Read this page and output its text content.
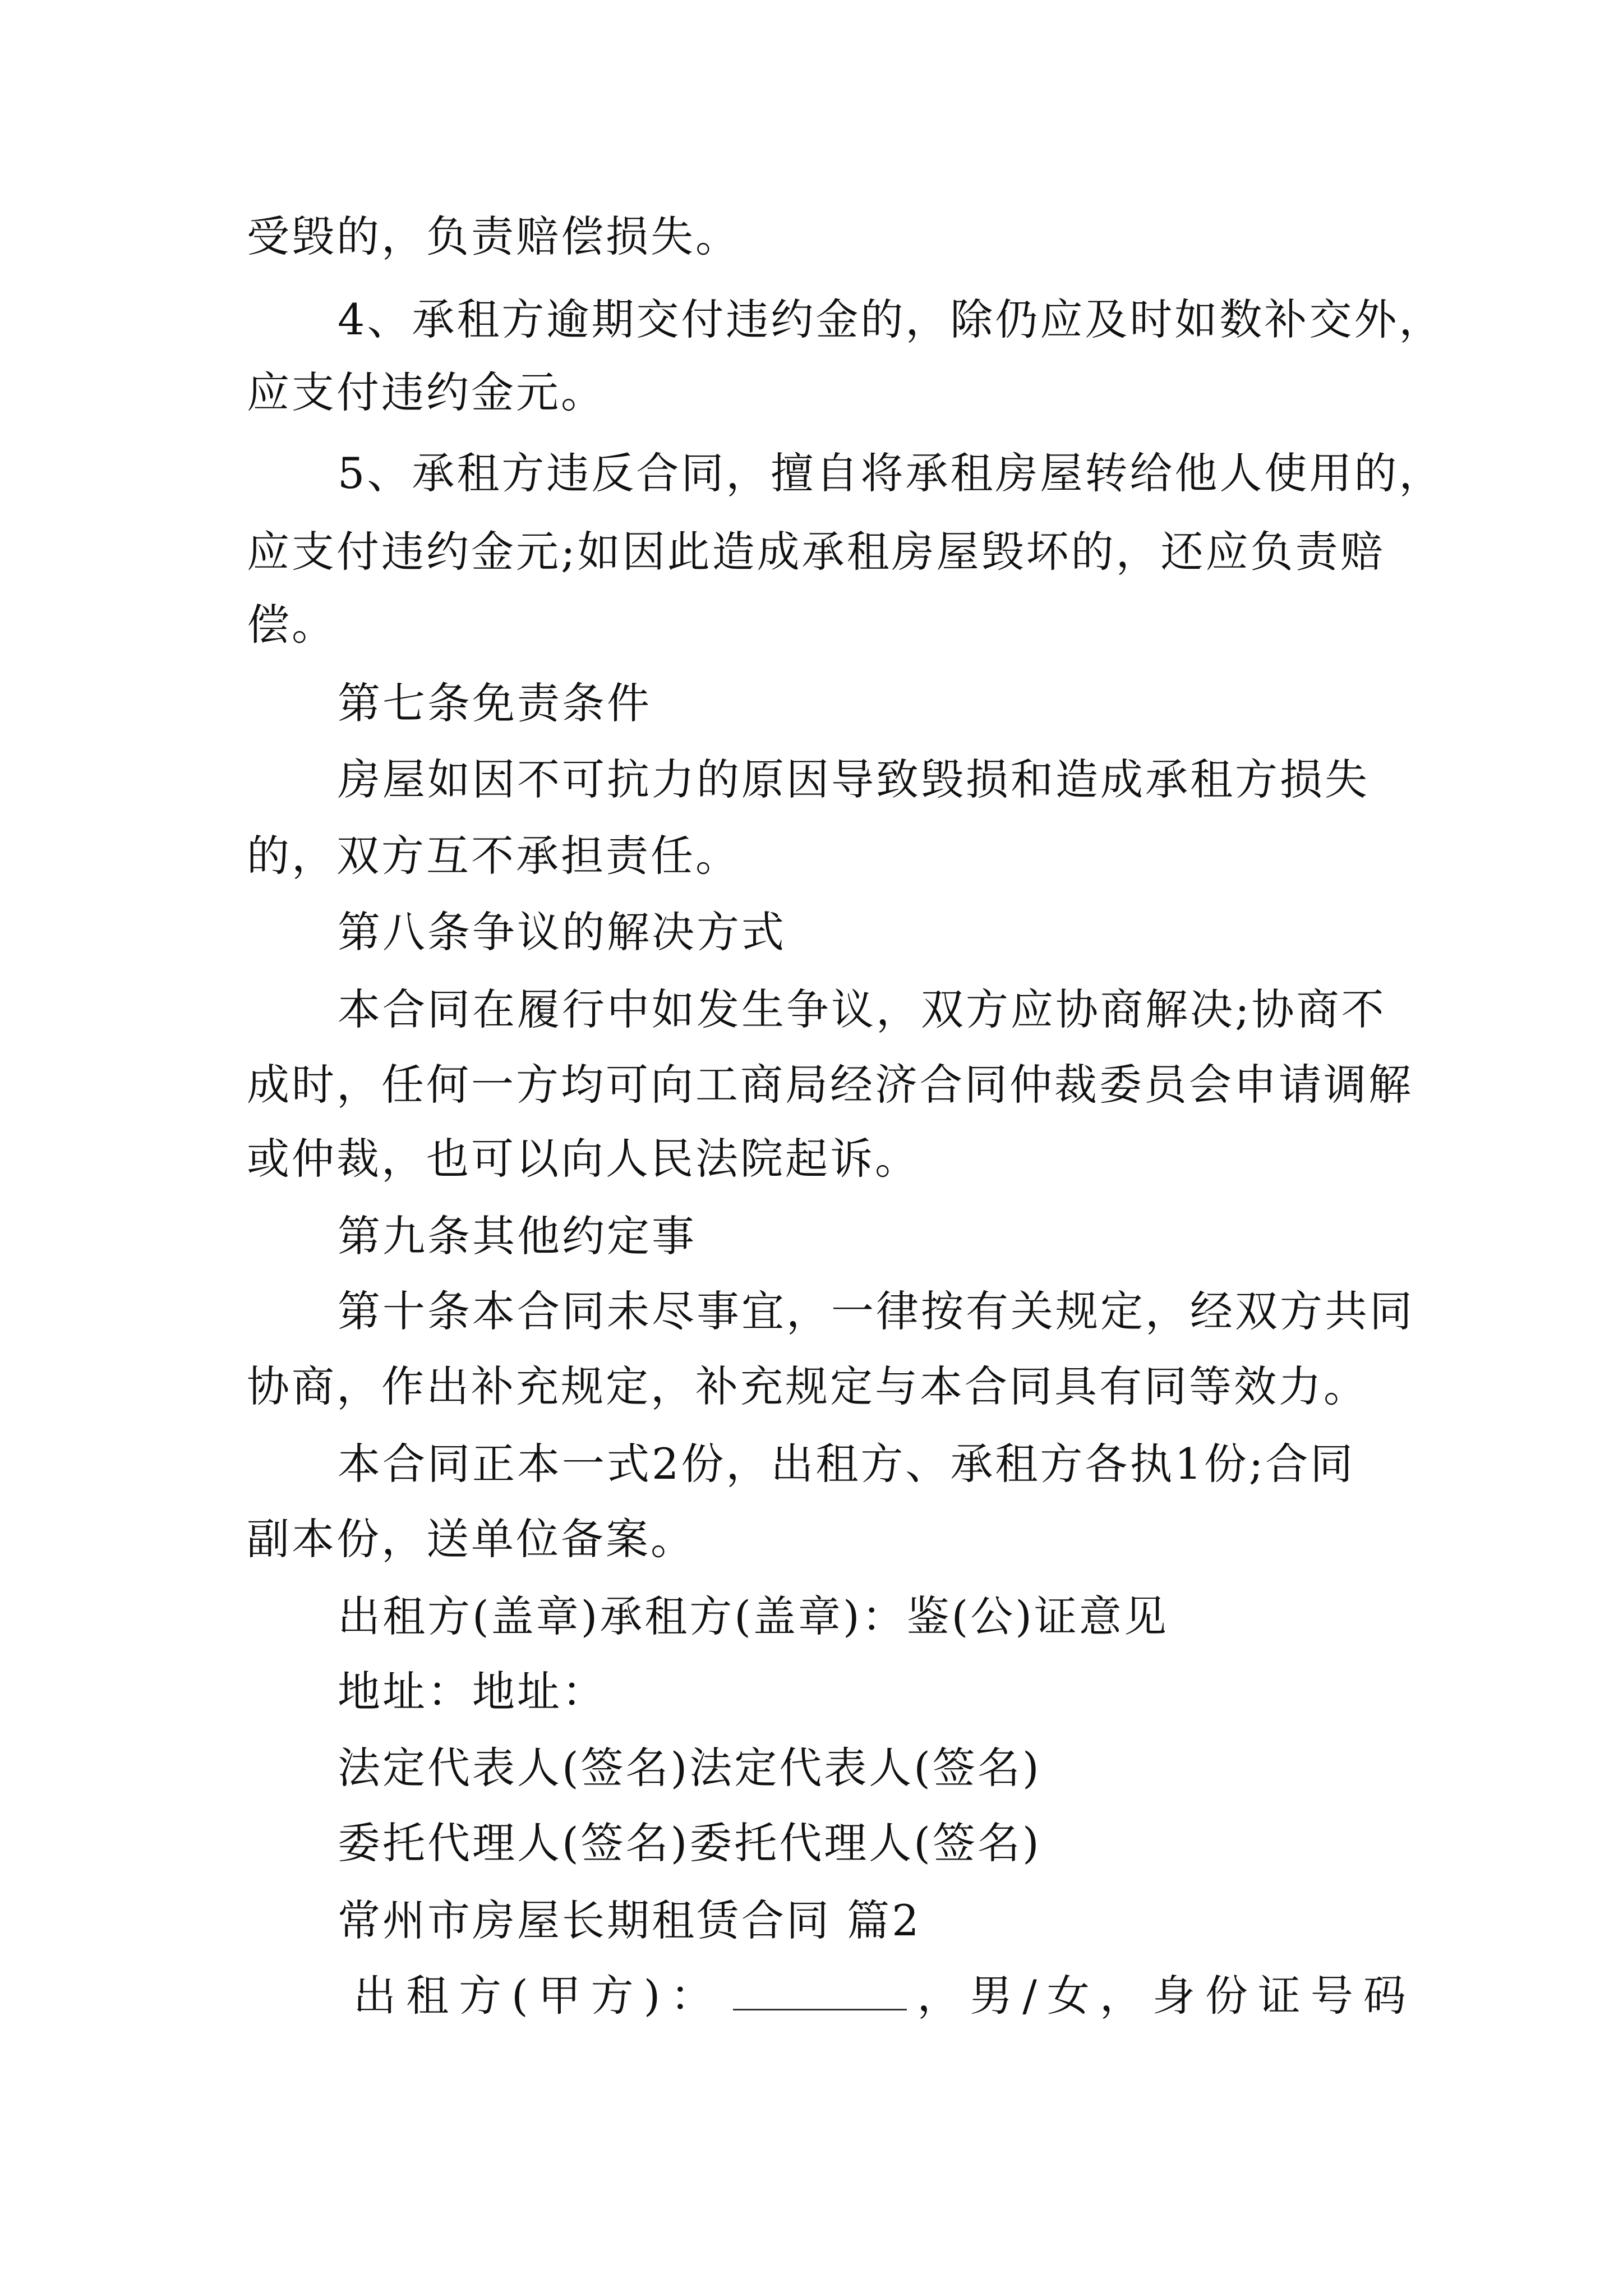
受毁的，负责赔偿损失。
4、承租方逾期交付违约金的，除仍应及时如数补交外，
应支付违约金元。
5、承租方违反合同，擅自将承租房屋转给他人使用的，
应支付违约金元;如因此造成承租房屋毁坏的，还应负责赔
偿。
第七条免责条件
房屋如因不可抗力的原因导致毁损和造成承租方损失
的，双方互不承担责任。
第八条争议的解决方式
本合同在履行中如发生争议，双方应协商解决;协商不
成时，任何一方均可向工商局经济合同仲裁委员会申请调解
或仲裁，也可以向人民法院起诉。
第九条其他约定事
第十条本合同未尽事宜，一律按有关规定，经双方共同
协商，作出补充规定，补充规定与本合同具有同等效力。
本合同正本一式2份，出租方、承租方各执1份;合同
副本份，送单位备案。
出租方(盖章)承租方(盖章)：鉴(公)证意见
地址：地址：
法定代表人(签名)法定代表人(签名)
委托代理人(签名)委托代理人(签名)
常州市房屋长期租赁合同 篇2
出租方(甲方)：	，男/女，身份证号码
